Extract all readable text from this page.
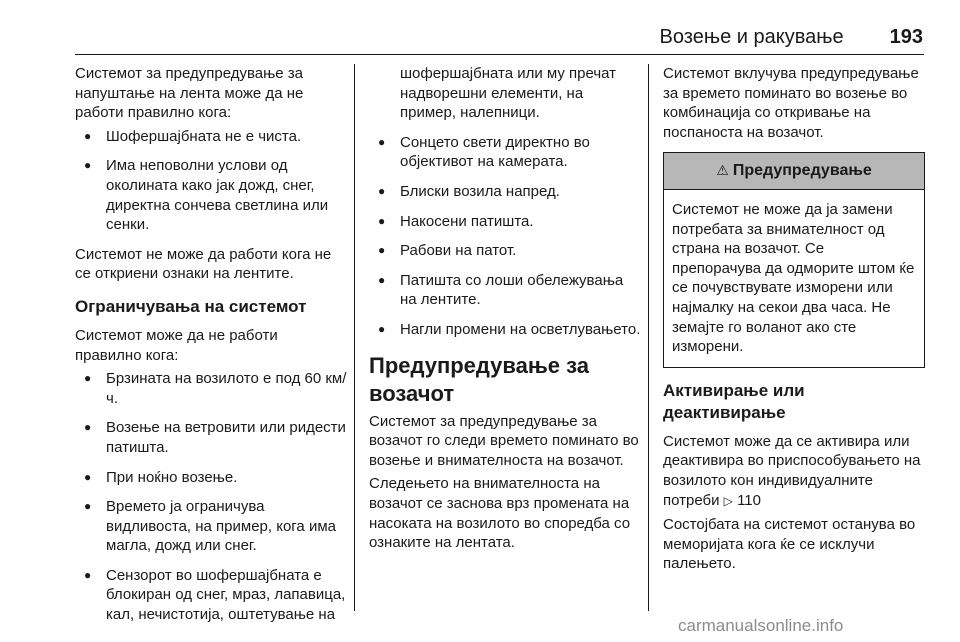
Возење и ракување 193

Системот за предупредување за напуштање на лента може да не работи правилно кога:

● Шофершајбната не е чиста.
● Има неповолни услови од околината како јак дожд, снег, директна сончева светлина или сенки.

Системот не може да работи кога не се откриени ознаки на лентите.

Ограничувања на системот

Системот може да не работи правилно кога:

● Брзината на возилото е под 60 км/ч.
● Возење на ветровити или ридести патишта.
● При ноќно возење.
● Времето ја ограничува видливоста, на пример, кога има магла, дожд или снег.
● Сензорот во шофершајбната е блокиран од снег, мраз, лапавица, кал, нечистотија, оштетување на

шофершајбната или му пречат надворешни елементи, на пример, налепници.

● Сонцето свети директно во објективот на камерата.
● Блиски возила напред.
● Накосени патишта.
● Рабови на патот.
● Патишта со лоши обележувања на лентите.
● Нагли промени на осветлувањето.
Предупредување за возачот

Системот за предупредување за возачот го следи времето поминато во возење и внимателноста на возачот.

Следењето на внимателноста на возачот се заснова врз промената на насоката на возилото во споредба со ознаките на лентата.

Системот вклучува предупредување за времето поминато во возење во комбинација со откривање на поспаноста на возачот.

⚠ Предупредување
Системот не може да ја замени потребата за внимателност од страна на возачот. Се препорачува да одморите штом ќе се почувствувате изморени или најмалку на секои два часа. Не земајте го воланот ако сте изморени.
Активирање или деактивирање

Системот може да се активира или деактивира во приспособувањето на возилото кон индивидуалните потреби ▷ 110

Состојбата на системот останува во меморијата кога ќе се исклучи палењето.

carmanualsonline.info
